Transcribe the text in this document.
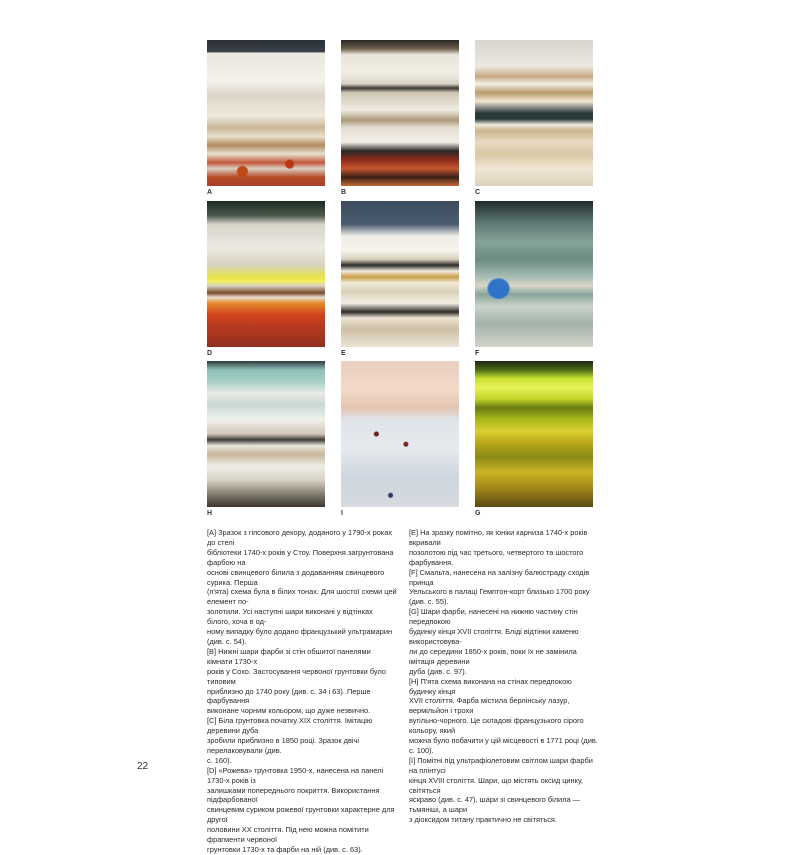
A	B	C
D	E	F
H	I	G

[A] Зразок з гіпсового декору, доданого у 1790-х роках до стелі
бібліотеки 1740-х років у Стоу. Поверхня загрунтована фарбою на
основі свинцевого білила з додаванням свинцевого сурика. Перша
(п'ята) схема була в білих тонах. Для шостої схеми цей елемент по-
золотили. Усі наступні шари виконані у відтінках білого, хоча в од-
ному випадку було додано французький ультрамарин (див. с. 54).

[B] Нижні шари фарби зі стін обшитої панелями кімнати 1730-х
років у Сохо. Застосування червоної грунтовки було типовим
приблизно до 1740 року (див. с. 34 і 63). Перше фарбування
виконане чорним кольором, що дуже незвично.

[C] Біла грунтовка початку XIX століття. Імітацію деревини дуба
зробили приблизно в 1850 році. Зразок двічі перелаковували (див.
с. 160).

[D] «Рожева» грунтовка 1950-х, нанесена на панелі 1730-х років із
залишками попереднього покриття. Використання підфарбованої
свинцевим суриком рожевої грунтовки характерне для другої
половини XX століття. Під нею можна помітити фрагменти червоної
грунтовки 1730-х та фарби на ній (див. с. 63).

[E] На зразку помітно, як іоніки карниза 1740-х років вкривали
позолотою під час третього, четвертого та шостого фарбування.

[F] Смальта, нанесена на залізну балюстраду сходів принца
Уельського в палаці Гемптон-корт близько 1700 року (див. с. 55).

[G] Шари фарби, нанесені на нижню частину стін передпокою
будинку кінця XVII століття. Бліді відтінки каменю використовува-
ли до середини 1850-х років, поки їх не замінила імітація деревини
дуба (див. с. 97).

[H] П'ята схема виконана на стінах передпокою будинку кінця
XVII століття. Фарба містила берлінську лазур, вермільйон і трохи
вугільно-чорного. Це складові французького сірого кольору, який
можна було побачити у цій місцевості в 1771 році (див. с. 100).

[I] Помітні під ультрафіолетовим світлом шари фарби на плінтусі
кінця XVIII століття. Шари, що містять оксид цинку, світяться
яскраво (див. с. 47), шари зі свинцевого білила — тьмяніші, а шари
з діоксидом титану практично не світяться.

22
